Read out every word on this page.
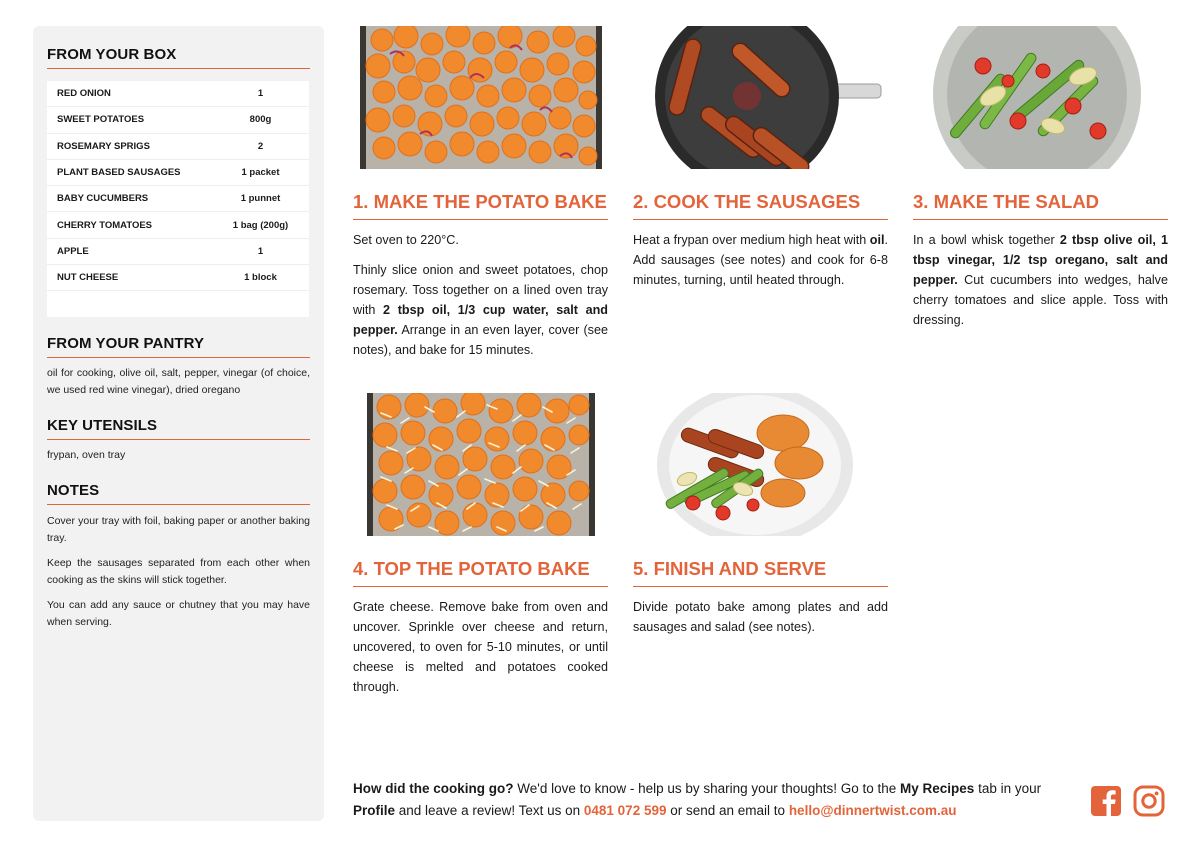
FROM YOUR BOX
RED ONION	1
SWEET POTATOES	800g
ROSEMARY SPRIGS	2
PLANT BASED SAUSAGES	1 packet
BABY CUCUMBERS	1 punnet
CHERRY TOMATOES	1 bag (200g)
APPLE	1
NUT CHEESE	1 block
FROM YOUR PANTRY

oil for cooking, olive oil, salt, pepper, vinegar (of choice, we used red wine vinegar), dried oregano

KEY UTENSILS

frypan, oven tray

NOTES

Cover your tray with foil, baking paper or another baking tray.

Keep the sausages separated from each other when cooking as the skins will stick together.

You can add any sauce or chutney that you may have when serving.

1. MAKE THE POTATO BAKE

Set oven to 220°C.

Thinly slice onion and sweet potatoes, chop rosemary. Toss together on a lined oven tray with 2 tbsp oil, 1/3 cup water, salt and pepper. Arrange in an even layer, cover (see notes), and bake for 15 minutes.

2. COOK THE SAUSAGES

Heat a frypan over medium high heat with oil. Add sausages (see notes) and cook for 6-8 minutes, turning, until heated through.

3. MAKE THE SALAD

In a bowl whisk together 2 tbsp olive oil, 1 tbsp vinegar, 1/2 tsp oregano, salt and pepper. Cut cucumbers into wedges, halve cherry tomatoes and slice apple. Toss with dressing.

4. TOP THE POTATO BAKE

Grate cheese. Remove bake from oven and uncover. Sprinkle over cheese and return, uncovered, to oven for 5-10 minutes, or until cheese is melted and potatoes cooked through.

5. FINISH AND SERVE

Divide potato bake among plates and add sausages and salad (see notes).

How did the cooking go? We'd love to know - help us by sharing your thoughts! Go to the My Recipes tab in your Profile and leave a review! Text us on 0481 072 599 or send an email to hello@dinnertwist.com.au
